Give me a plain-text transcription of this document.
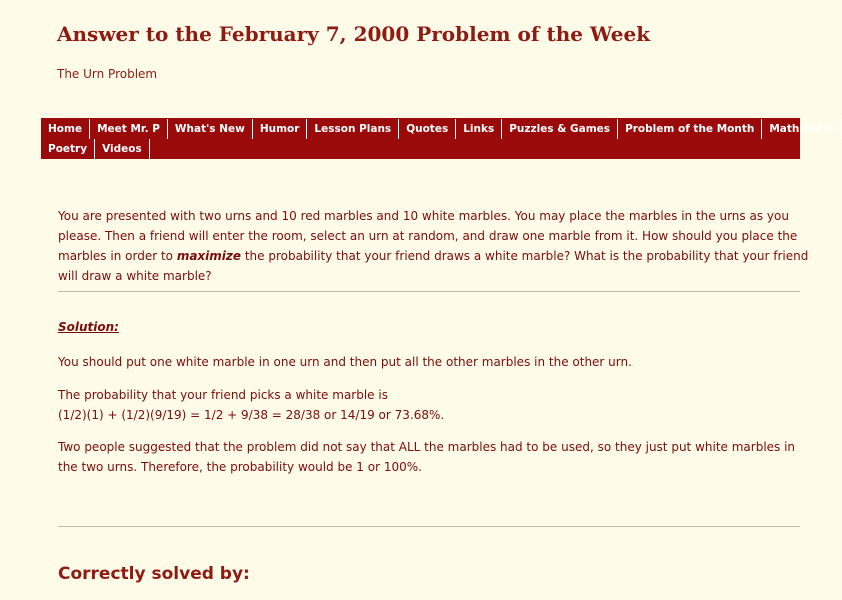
Answer to the February 7, 2000 Problem of the Week
The Urn Problem
Home	Meet Mr. P	What's New	Humor	Lesson Plans	Quotes	Links	Puzzles & Games	Problem of the Month	Math Facts
Poetry	Videos

You are presented with two urns and 10 red marbles and 10 white marbles. You may place the marbles in the urns as you please. Then a friend will enter the room, select an urn at random, and draw one marble from it. How should you place the marbles in order to maximize the probability that your friend draws a white marble? What is the probability that your friend will draw a white marble?

Solution:
You should put one white marble in one urn and then put all the other marbles in the other urn.
The probability that your friend picks a white marble is
(1/2)(1) + (1/2)(9/19) = 1/2 + 9/38 = 28/38 or 14/19 or 73.68%.
Two people suggested that the problem did not say that ALL the marbles had to be used, so they just put white marbles in
the two urns. Therefore, the probability would be 1 or 100%.
Correctly solved by:
